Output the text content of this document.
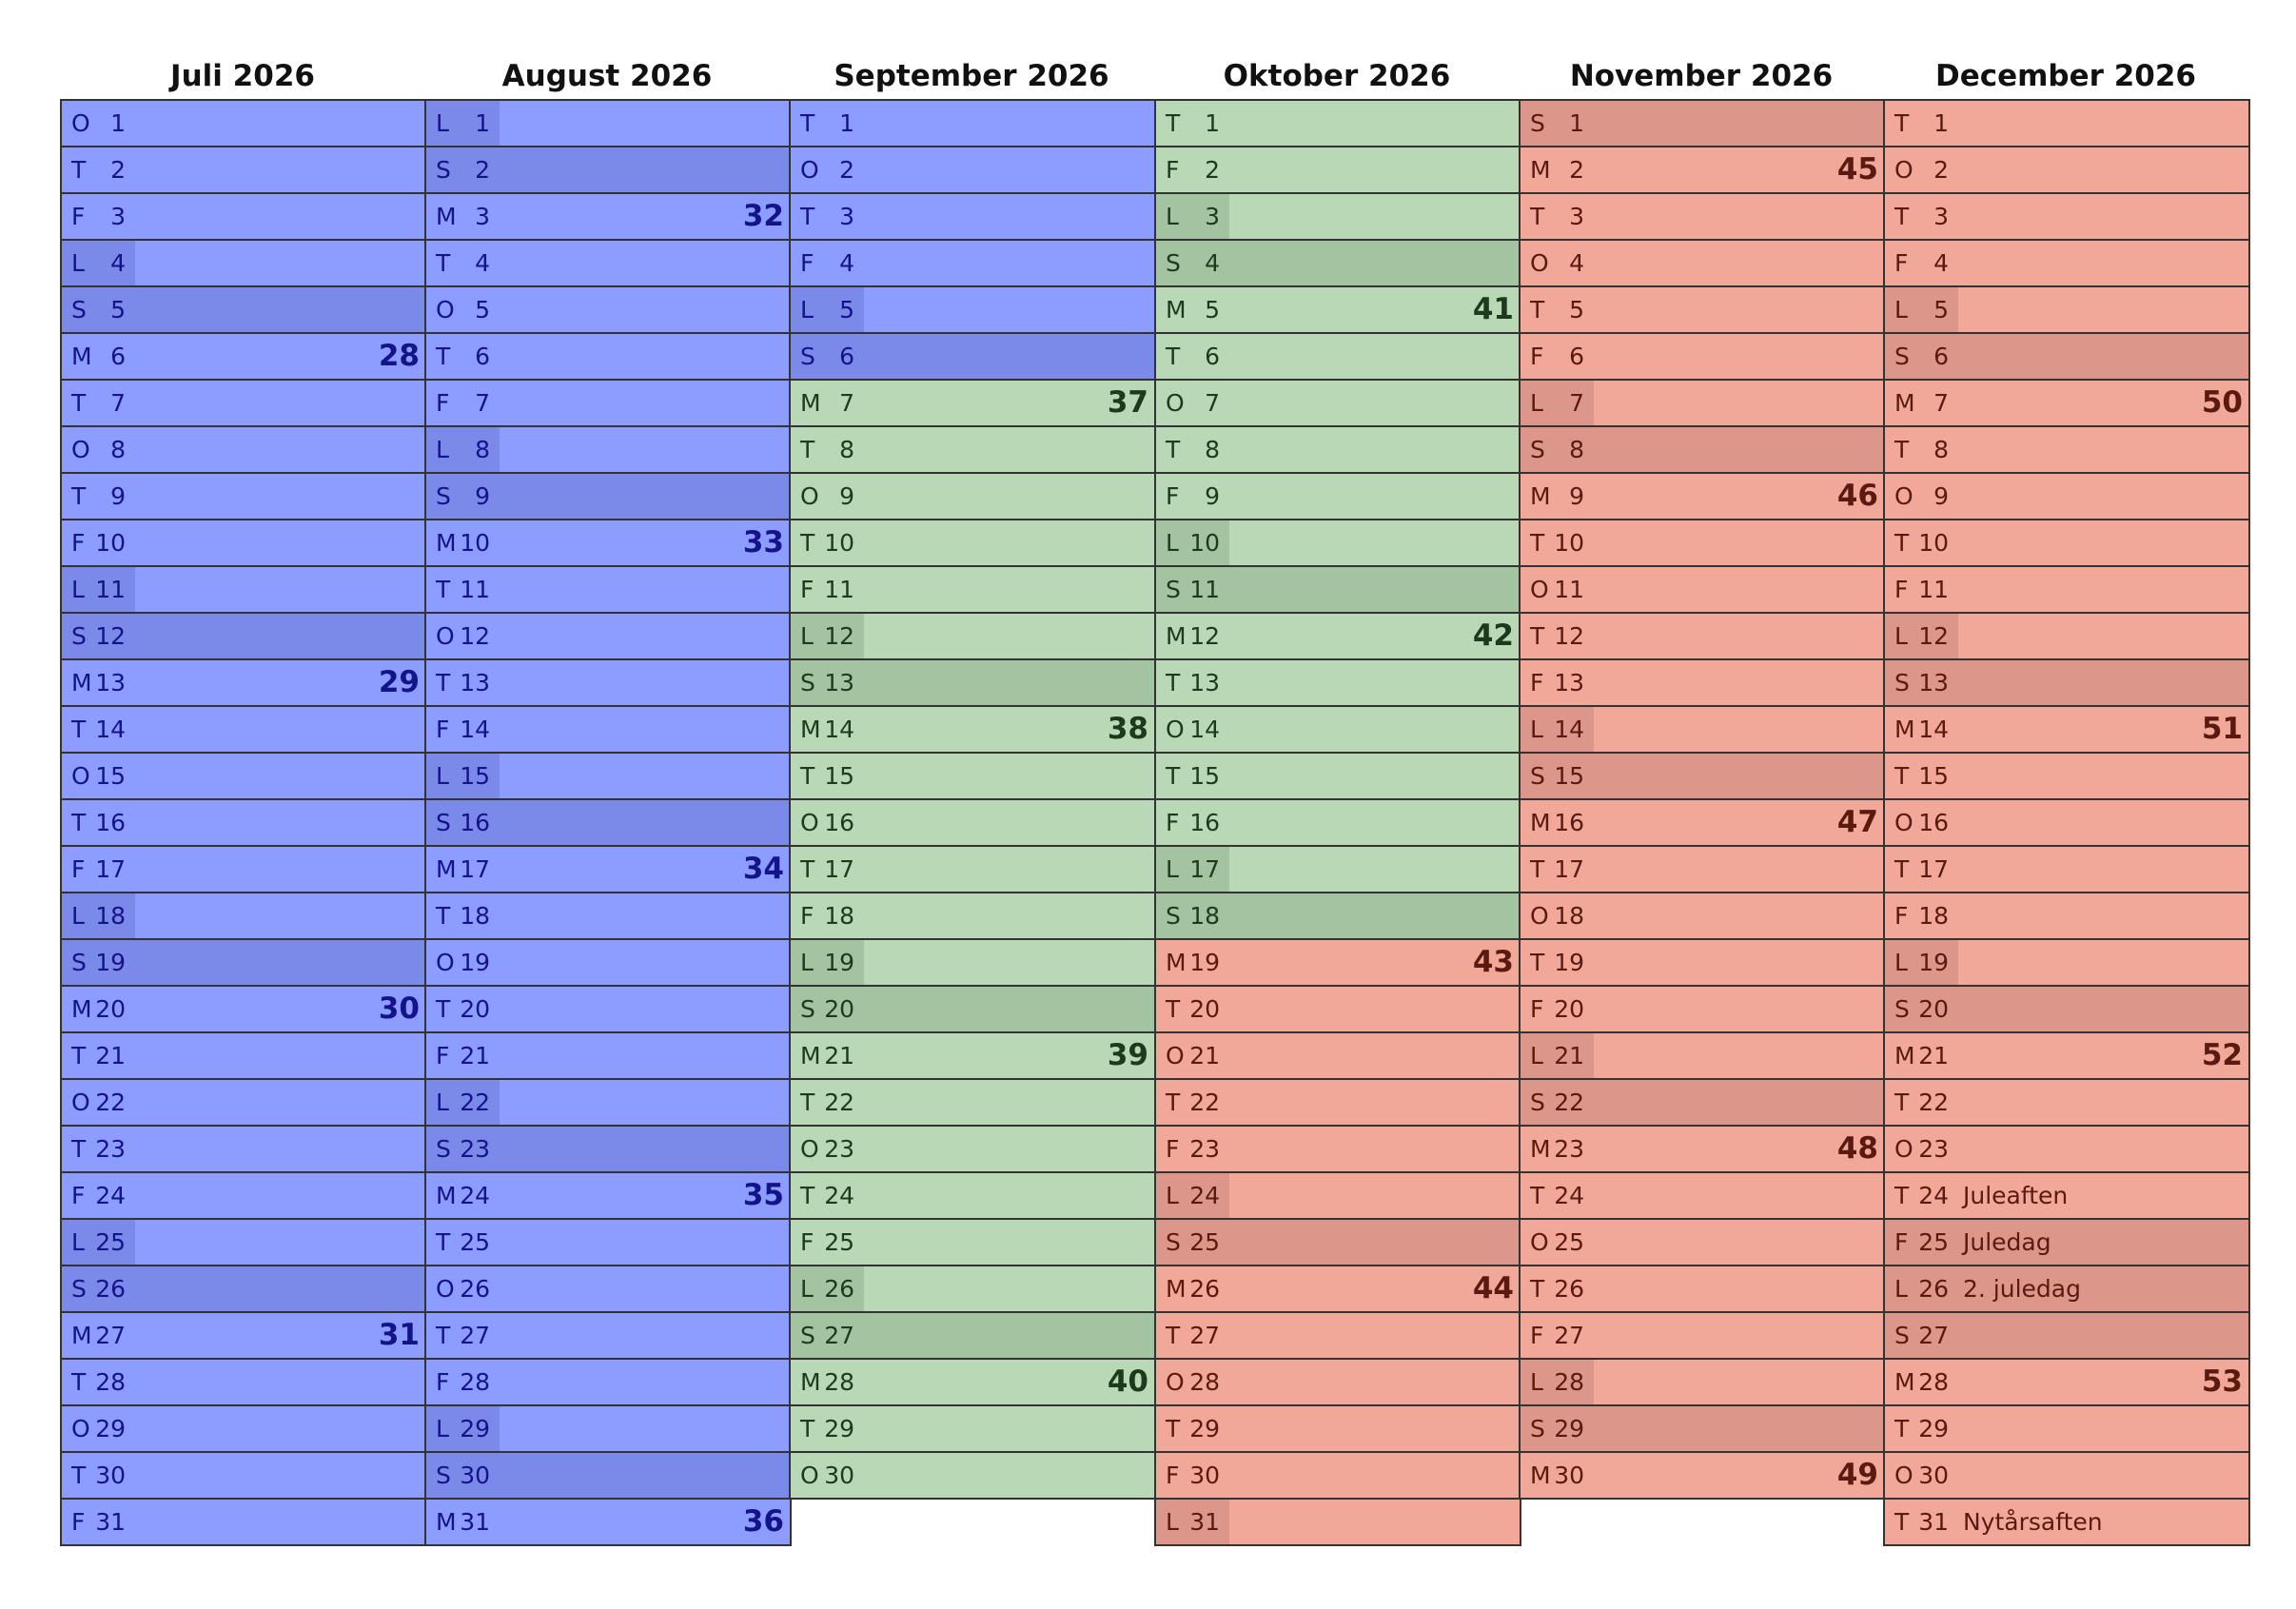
Juli 2026
O 1
T	2
F	3
L	4
S	5
M 6	28
T	7
O 8
T	9
F 10
L 11
S 12
M 13	29
T 14
O 15
T 16
F 17
L 18
S 19
M 20	30
T 21
O 22
T 23
F 24
L 25
S 26
M 27	31
T 28
O 29
T 30
F 31
August 2026
L	1
S	2
M 3	32
T	4
O 5
T	6
F	7
L	8
S	9
M 10	33
T 11
O 12
T 13
F 14
L 15
S 16
M 17	34
T 18
O 19
T 20
F 21
L 22
S 23
M 24	35
T 25
O 26
T 27
F 28
L 29
S 30
M 31	36
September 2026
T	1
O 2
T	3
F	4
L	5
S	6
M 7	37
T	8
O 9
T 10
F 11
L 12
S 13
M 14	38
T 15
O 16
T 17
F 18
L 19
S 20
M 21	39
T 22
O 23
T 24
F 25
L 26
S 27
M 28	40
T 29
O 30
Oktober 2026
T	1
F	2
L	3
S	4
M 5	41
T	6
O 7
T	8
F	9
L 10
S 11
M 12	42
T 13
O 14
T 15
F 16
L 17
S 18
M 19	43
T 20
O 21
T 22
F 23
L 24
S 25
M 26	44
T 27
O 28
T 29
F 30
L 31
November 2026
S	1
M 2	45
T	3
O 4
T	5
F	6
L	7
S	8
M 9	46
T 10
O 11
T 12
F 13
L 14
S 15
M 16	47
T 17
O 18
T 19
F 20
L 21
S 22
M 23	48
T 24
O 25
T 26
F 27
L 28
S 29
M 30	49
December 2026
T	1
O 2
T	3
F	4
L	5
S	6
M 7	50
T	8
O 9
T 10
F 11
L 12
S 13
M 14	51
T 15
O 16
T 17
F 18
L 19
S 20
M 21	52
T 22
O 23
T 24 Juleaften
F 25 Juledag
L 26 2. juledag
S 27
M 28	53
T 29
O 30
T 31 Nytårsaften
